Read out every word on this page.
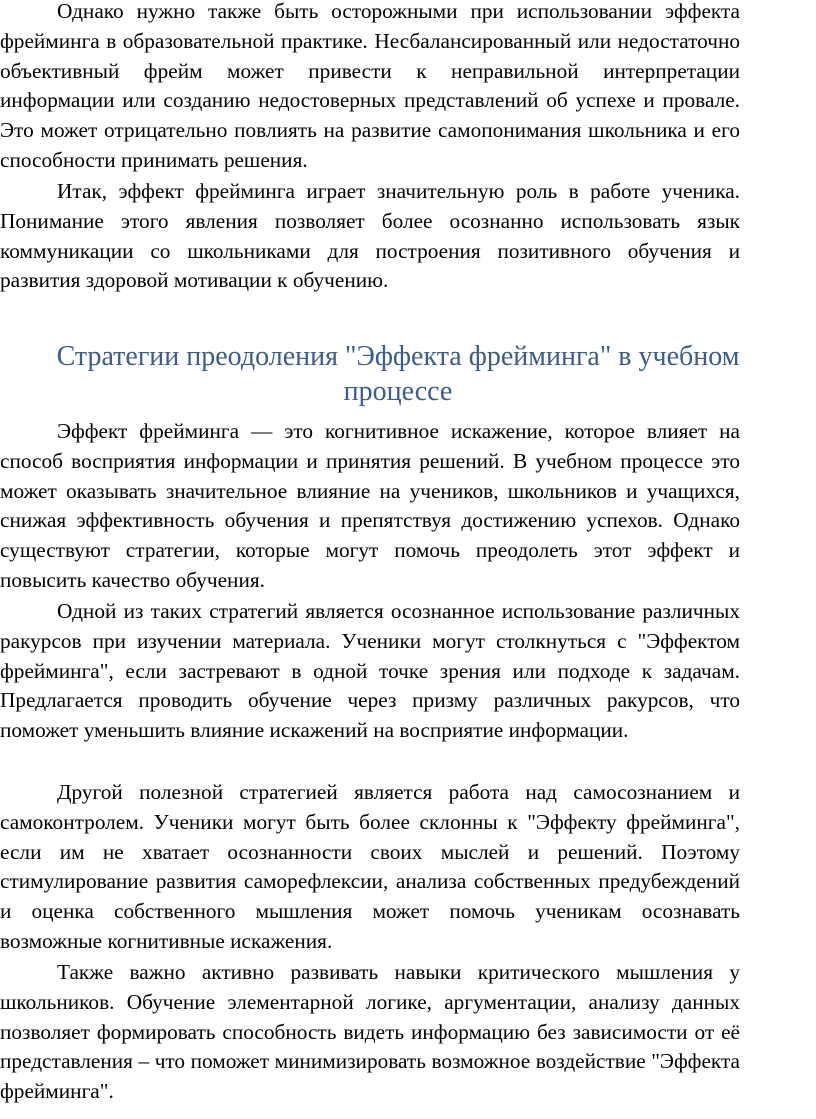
Однако нужно также быть осторожными при использовании эффекта фрейминга в образовательной практике. Несбалансированный или недостаточно объективный фрейм может привести к неправильной интерпретации информации или созданию недостоверных представлений об успехе и провале. Это может отрицательно повлиять на развитие самопонимания школьника и его способности принимать решения.

Итак, эффект фрейминга играет значительную роль в работе ученика. Понимание этого явления позволяет более осознанно использовать язык коммуникации со школьниками для построения позитивного обучения и развития здоровой мотивации к обучению.

Стратегии преодоления "Эффекта фрейминга" в учебном процессе

Эффект фрейминга — это когнитивное искажение, которое влияет на способ восприятия информации и принятия решений. В учебном процессе это может оказывать значительное влияние на учеников, школьников и учащихся, снижая эффективность обучения и препятствуя достижению успехов. Однако существуют стратегии, которые могут помочь преодолеть этот эффект и повысить качество обучения.

Одной из таких стратегий является осознанное использование различных ракурсов при изучении материала. Ученики могут столкнуться с "Эффектом фрейминга", если застревают в одной точке зрения или подходе к задачам. Предлагается проводить обучение через призму различных ракурсов, что поможет уменьшить влияние искажений на восприятие информации.

Другой полезной стратегией является работа над самосознанием и самоконтролем. Ученики могут быть более склонны к "Эффекту фрейминга", если им не хватает осознанности своих мыслей и решений. Поэтому стимулирование развития саморефлексии, анализа собственных предубеждений и оценка собственного мышления может помочь ученикам осознавать возможные когнитивные искажения.

Также важно активно развивать навыки критического мышления у школьников. Обучение элементарной логике, аргументации, анализу данных позволяет формировать способность видеть информацию без зависимости от её представления – что поможет минимизировать возможное воздействие "Эффекта фрейминга".
